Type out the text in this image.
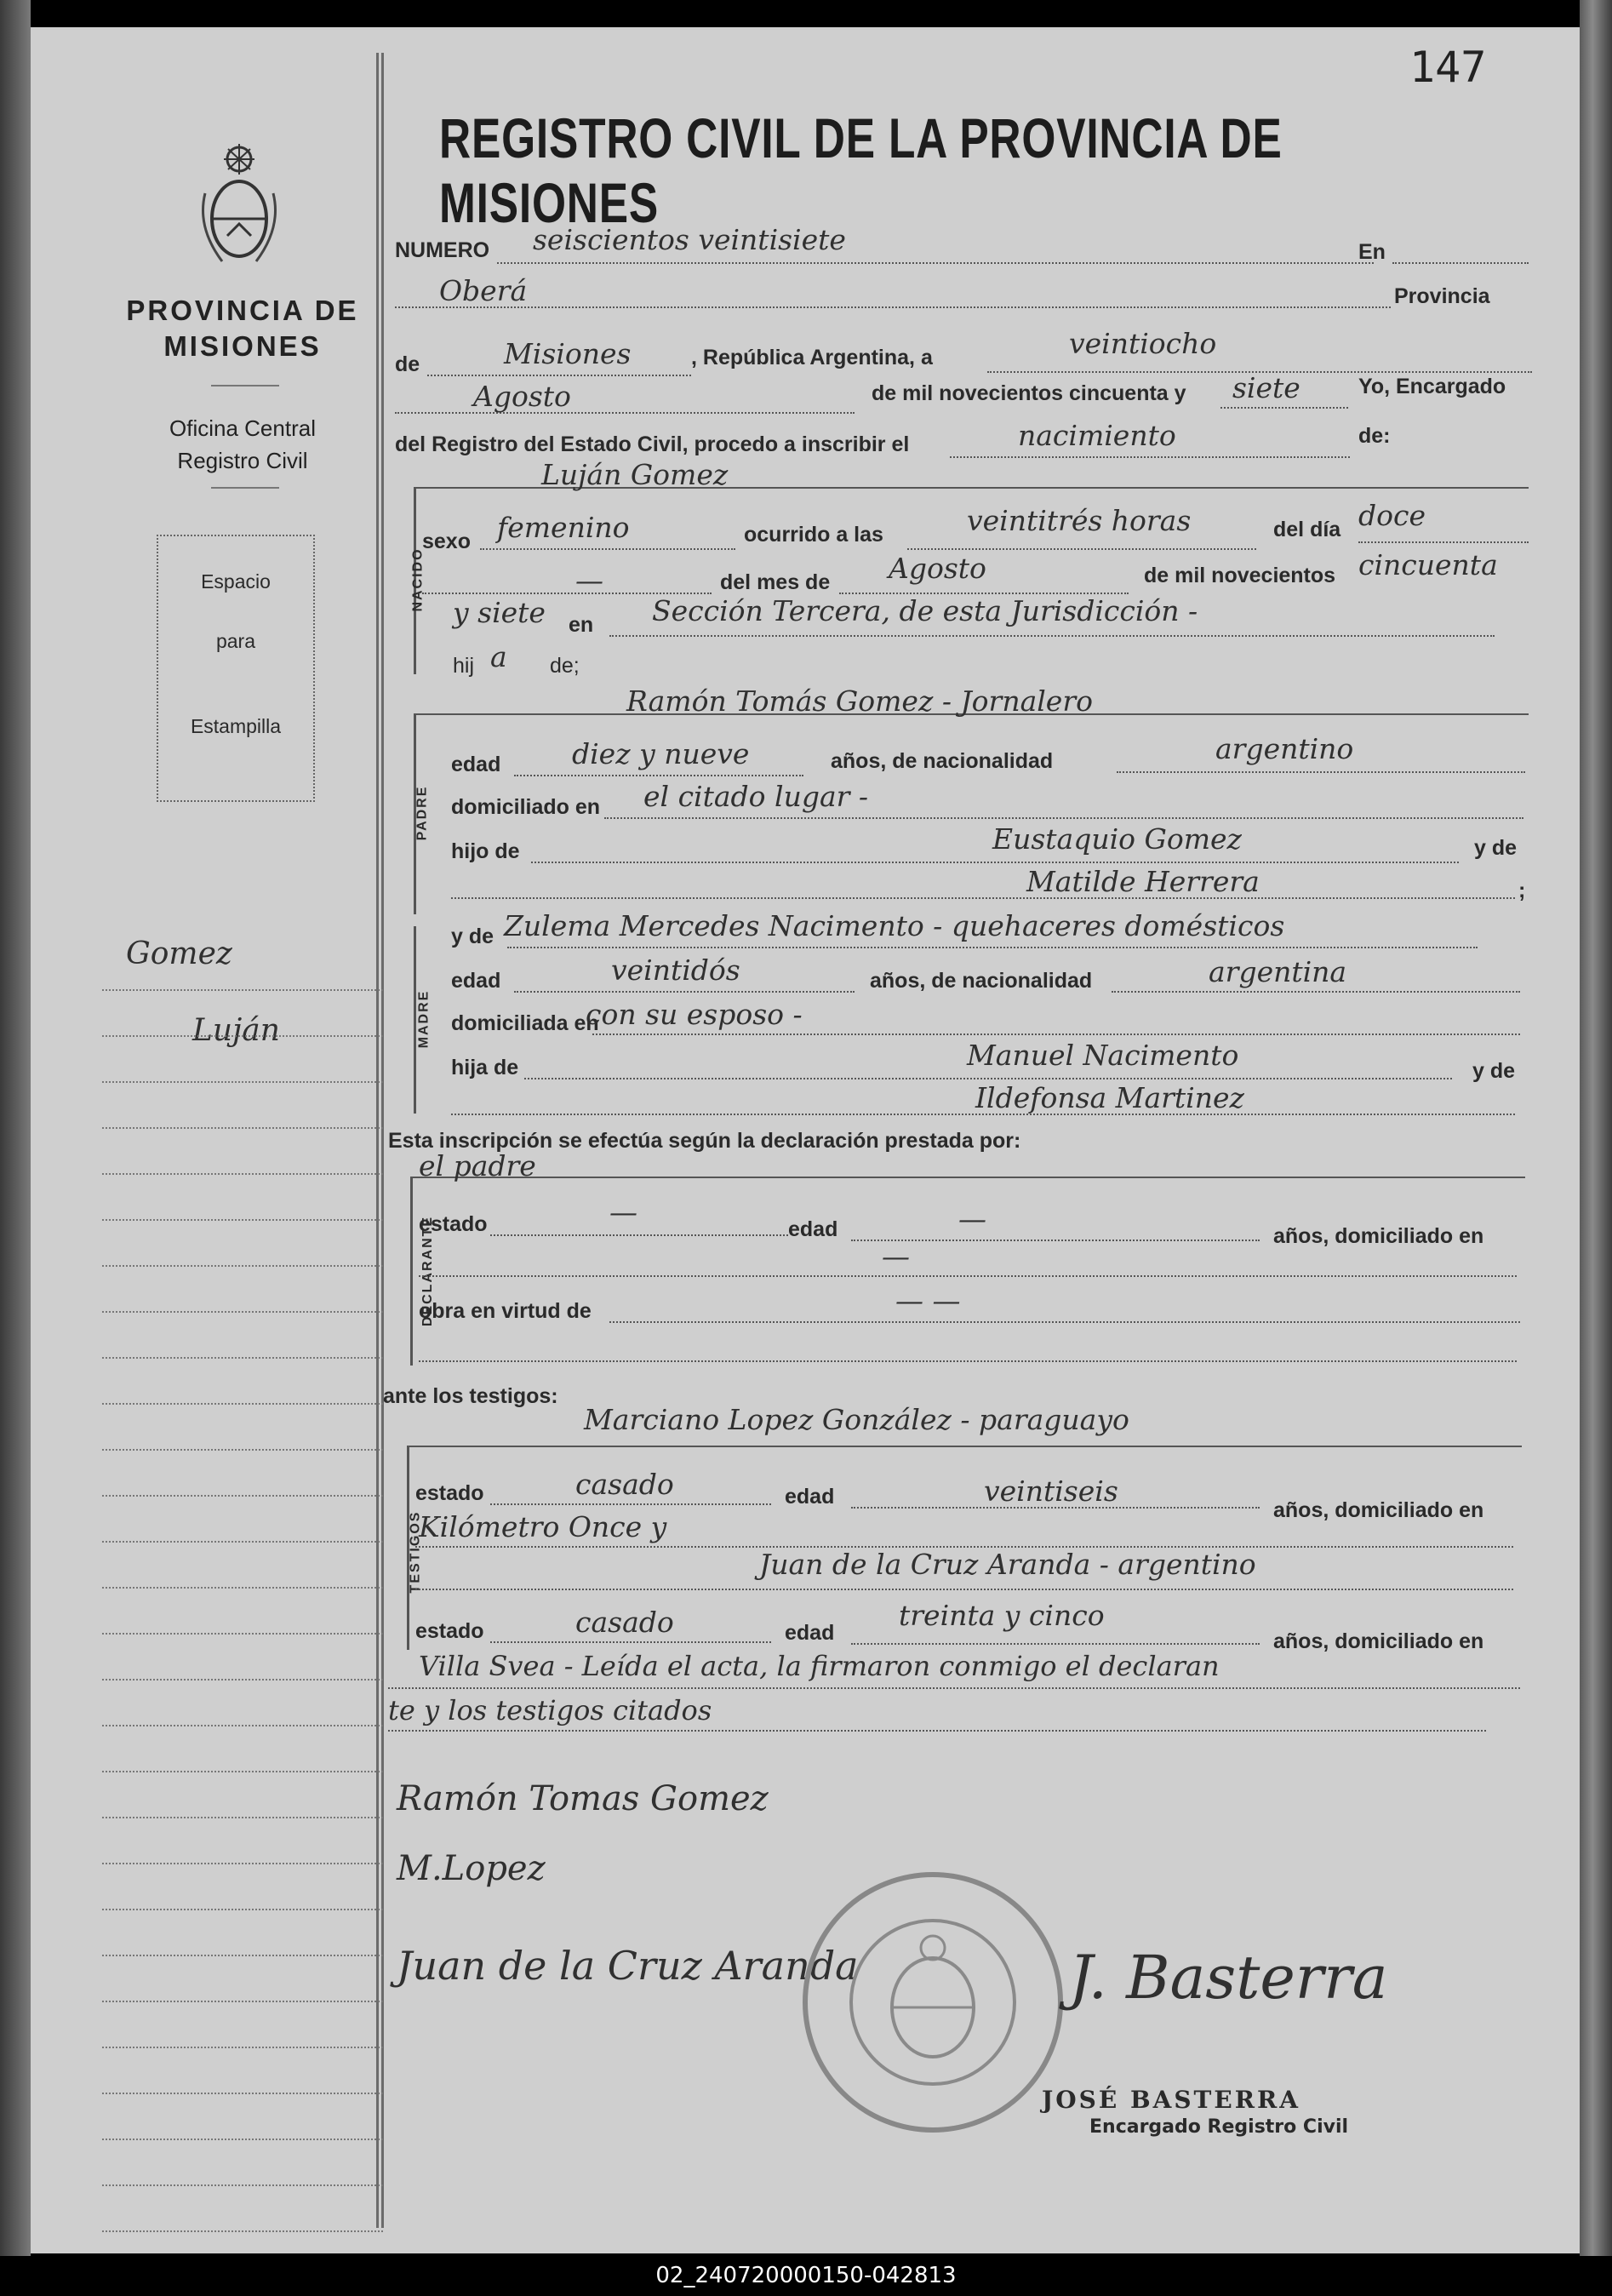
147
REGISTRO CIVIL DE LA PROVINCIA DE MISIONES
PROVINCIA DE
MISIONES
Oficina Central
Registro Civil
Espacio
para
Estampilla
Gomez
Luján
NUMERO seiscientos veintisiete	En
Oberá	Provincia
de	Misiones	, República Argentina, a	veintiocho
Agosto	de mil novecientos cincuenta y siete	Yo, Encargado
del Registro del Estado Civil, procedo a inscribir el	nacimiento	de:
NACIDO
Luján Gomez
sexo femenino	ocurrido a las	veintitrés horas	del día doce
—	del mes de Agosto	de mil novecientos cincuenta
y siete en Sección Tercera, de esta Jurisdicción -
hij a de;
PADRE
Ramón Tomás Gomez - Jornalero
edad	diez y nueve	años, de nacionalidad	argentino
domiciliado en el citado lugar -
hijo de	Eustaquio Gomez	y de
Matilde Herrera	;
MADRE
y de Zulema Mercedes Nacimento - quehaceres domésticos
edad	veintidós	años, de nacionalidad	argentina
domiciliada en
con su esposo -
hija de	Manuel Nacimento	y de
Ildefonsa Martinez
Esta inscripción se efectúa según la declaración prestada por:
DECLARANTE
el padre
estado	—
edad	—
años, domiciliado en
—
obra en virtud de	— —
ante los testigos:
TESTIGOS
Marciano Lopez González - paraguayo
estado	casado	edad	veintiseis
años, domiciliado en
Kilómetro Once y
Juan de la Cruz Aranda - argentino
estado	casado	edad
treinta y cinco
años, domiciliado en
Villa Svea - Leída el acta, la firmaron conmigo el declaran
te y los testigos citados
Ramón Tomas Gomez
M.Lopez
Juan de la Cruz Aranda	J. Basterra
JOSÉ BASTERRA
Encargado Registro Civil
02_240720000150-042813
